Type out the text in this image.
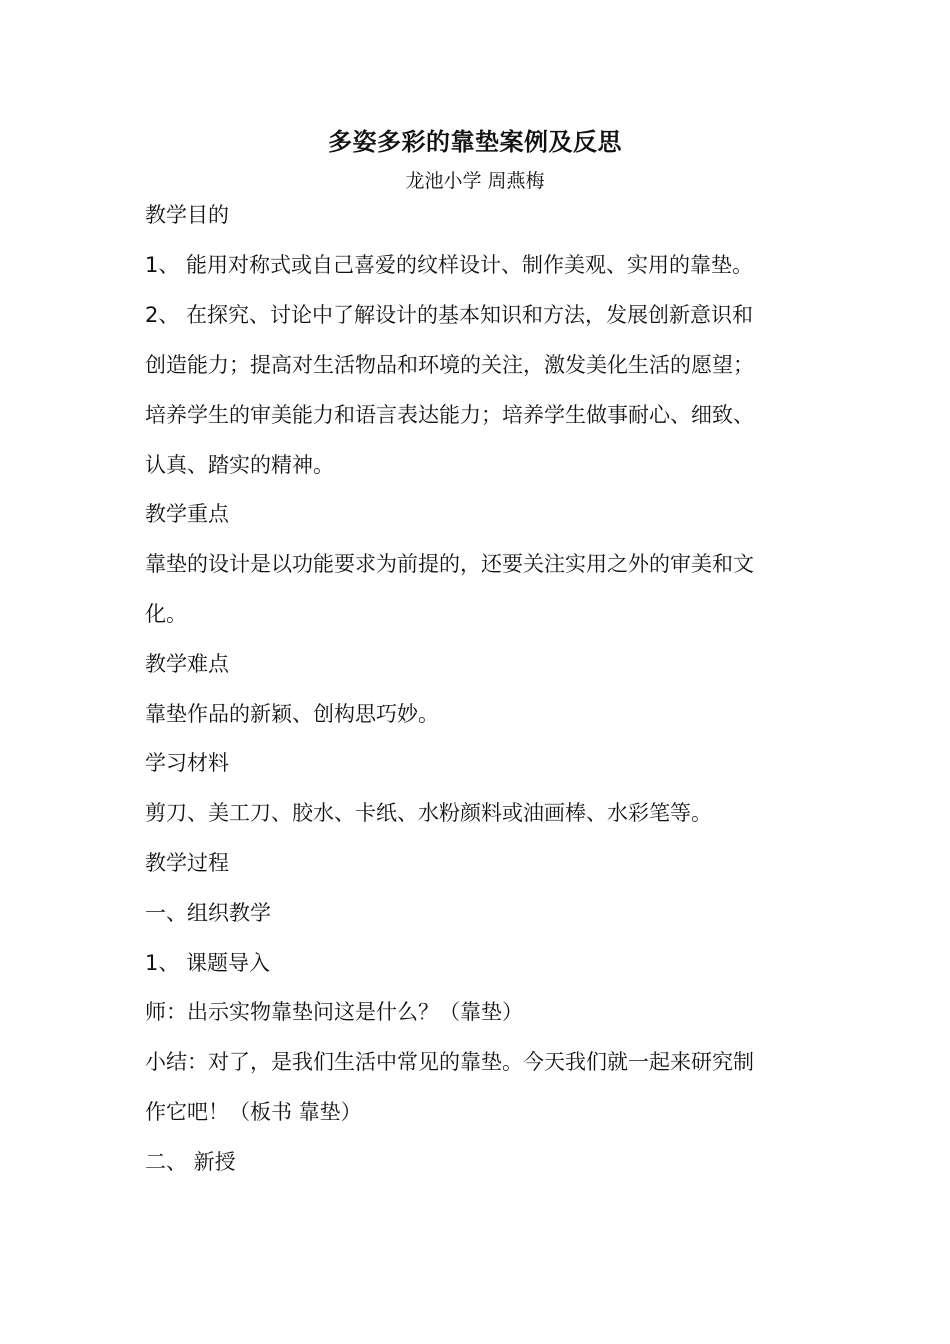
多姿多彩的靠垫案例及反思
龙池小学 周燕梅
教学目的
1、 能用对称式或自己喜爱的纹样设计、制作美观、实用的靠垫。
2、 在探究、讨论中了解设计的基本知识和方法，发展创新意识和
创造能力；提高对生活物品和环境的关注，激发美化生活的愿望；
培养学生的审美能力和语言表达能力；培养学生做事耐心、细致、
认真、踏实的精神。
教学重点
靠垫的设计是以功能要求为前提的，还要关注实用之外的审美和文
化。
教学难点
靠垫作品的新颖、创构思巧妙。
学习材料
剪刀、美工刀、胶水、卡纸、水粉颜料或油画棒、水彩笔等。
教学过程
一、组织教学
1、 课题导入
师：出示实物靠垫问这是什么？（靠垫）
小结：对了，是我们生活中常见的靠垫。今天我们就一起来研究制
作它吧！（板书 靠垫）
二、 新授
